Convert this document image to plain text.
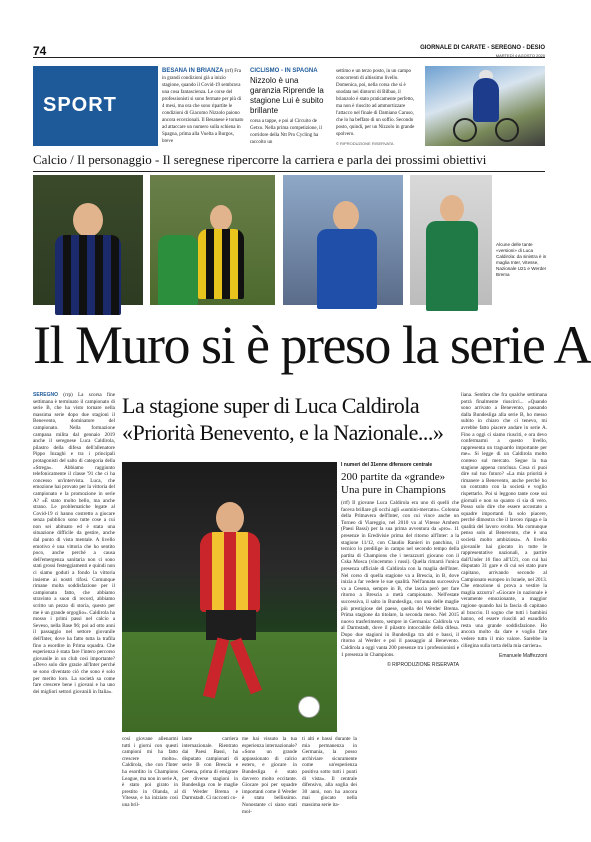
74	GIORNALE DI CARATE - SEREGNO - DESIO
MARTEDÌ 4 AGOSTO 2020
SPORT
BESANA IN BRIANZA (rrf) Fra in grandi condizioni già a inizio stagione, quando il Covid-19 sembrava una cosa fantascienza. Le corse del professionisti si sono fermate per più di 4 mesi, ma ora che sono ripartite le condizioni di Giacomo Nizzolo paiono ancora eccezionali. Il Besanese è tornato ad attaccare un numero sulla schiena in Spagna, prima alla Vuelta a Burgos, breve
CICLISMO - IN SPAGNA
Nizzolo è una garanzia Riprende la stagione Lui è subito brillante
corsa a tappe, e poi al Circuito de Getxo. Nella prima competizione, il corridore della Ntt Pro Cycling ha raccolto un
settimo e un terzo posto, in un campo concorrenti di altissimo livello. Domenica, poi, nella corsa che si è snodata nei dintorni di Bilbao, il brianzolo è stato praticamente perfetto, ma non è riuscito ad ammortizzare l'attacco nel finale di Damiano Caruso, che lo ha beffato di un soffio. Secondo posto, quindi, per un Nizzolo in grande spolvero.
© RIPRODUZIONE RISERVATA
Calcio / Il personaggio - Il seregnese ripercorre la carriera e parla dei prossimi obiettivi
Alcune delle tante «versioni» di Luca Caldirola: da sinistra è in maglia Inter, Vitesse, Nazionale U21 e Werder Brema
Il Muro si è preso la serie A
SEREGNO (rrp) La scorsa fine settimana è terminato il campionato di serie B, che ha visto tornare nella massima serie dopo due stagioni il Benevento, dominatore del campionato. Nella formazione campana milita dal gennaio 2019 anche il seregnese Luca Caldirola, pilastro della difesa dell'allenatore Pippo Inzaghi e tra i principali protagonisti del salto di categoria della «Strega». Abbiamo raggiunto telefonicamente il classe '91 che ci ha concesso un'intervista. Luca, che emozione hai provato per la vittoria del campionato e la promozione in serie A? «È stato molto bello, ma anche strano. Le problematiche legate al Covid-19 ci hanno costretto a giocare senza pubblico sono tutte cose a cui non sei abituato ed è stata una situazione difficile da gestire, anche dal punto di vista mentale. A livello emotivo è una vittoria che ho sentito poco, anche perché a causa dell'emergenza sanitaria non ci sono stati grossi festeggiamenti e quindi non ci siamo goduti a fondo la vittoria insieme ai nostri tifosi. Comunque rimane molta soddisfazione per il campionato fatto, che abbiamo stravinto a suon di record, abbiamo scritto un pezzo di storia, questo per me è un grande orgoglio». Caldirola ha mosso i primi passi nel calcio a Seveso, nella Base 96; poi ad otto anni il passaggio nel settore giovanile dell'Inter, dove ha fatto tutta la trafila fino a esordire in Prima squadra. Che esperienza è stata fare l'intero percorso giovanile in un club così importante? «Devo solo dire grazie all'Inter perché se sono diventato ciò che sono è solo per merito loro. La società sa come fare crescere bene i giovani e ha uno dei migliori settori giovanili in Italia».
La stagione super di Luca Caldirola
«Priorità Benevento, e la Nazionale...»
I numeri del 31enne difensore centrale
200 partite da «grande» Una pure in Champions
(rrf) Il giovane Luca Caldirola era uno di quelli che faceva brillare gli occhi agli «uomini-mercato». Colonna della Primavera dell'Inter, con cui vince anche un Torneo di Viareggio, nel 2010 va al Vitesse Arnhem (Paesi Bassi) per la sua prima avventura da «pro». 11 presenze in Eredivisie prima del ritorno all'Inter: a la stagione 11/12, con Claudio Ranieri in panchina, il tecnico lo predilige in campo nel secondo tempo della partita di Champions che i nerazzurri giocano con il Cska Mosca (vincemmo i russi). Quella rimarrà l'unica presenza ufficiale di Caldirola con la maglia dell'Inter. Nel corso di quella stagione va a Brescia, in B, dove inizia a far vedere le sue qualità. Nell'annata successiva va a Cesena, sempre in B, che lascia però per fare ritorno a Brescia a metà campionato. Nell'estate successiva, il salto in Bundesliga, con una delle maglie più prestigiose del paese, quella del Werder Brema. Prima stagione da titolare, la seconda meno. Nel 2015 nuovo trasferimento, sempre in Germania: Caldirola va al Darmstadt, dove il pilastro intoccabile della difesa. Dopo due stagioni in Bundesliga tra alti e bassi, il ritorno al Werder e poi il passaggio al Benevento. Caldirola a oggi vanta 200 presenze tra i professionisti e 1 presenza in Champions.
© RIPRODUZIONE RISERVATA
così giovane allenarmi tutti i giorni con questi campioni mi ha fatto crescere molto». Caldirola, che con l'Inter ha esordito in Champions League, ma non in serie A, è stato poi girato in prestito in Olanda, al Vitesse, e ha iniziato così una bril-
lante carriera internazionale. Rientrato dai Paesi Bassi, ha disputato campionati di serie B con Brescia e Cesena, prima di emigrare per diverse stagioni in Bundesliga con le maglie di Werder Brema e Darmstadt. Ci racconti co-
me hai vissuto la tua esperienza internazionale? «Sono un grande appassionato di calcio estero, e giocare in Bundesliga è stato davvero molto eccitante. Giocare poi per squadre importanti come il Werder è stato bellissimo. Nonostante ci siano stati mol-
ti alti e bassi durante la mia permanenza in Germania, la posso archiviare sicuramente come un'esperienza positiva sotto tutti i punti di vista». Il centrale difensivo, alla soglia dei 30 anni, non ha ancora mai giocato nella massima serie ita-
liana. Sembra che fra qualche settimana potrà finalmente riuscirci... «Quando sono arrivato a Benevento, passando dalla Bundesliga alla serie B, ho messo subito in chiaro che ci tenevo, mi avrebbe fatto piacere andare in serie A. Fino a oggi ci siamo riusciti, e ora devo confermarmi a questo livello, rappresenta un traguardo importante per me». Si legge di un Caldirola molto conteso sul mercato. Segue la tua stagione appena conclusa. Cosa ci puoi dire sul tuo futuro? «La mia priorità è rimanere a Benevento, anche perché ho un contratto con la società e voglio rispettarlo. Poi si leggono tante cose sui giornali e non so quanto ci sia di vero. Posso solo dire che essere accostato a squadre importanti fa solo piacere, perché dimostra che il lavoro ripaga e la qualità del lavoro svolto. Ma comunque penso solo al Benevento, che è una società molto ambiziosa». A livello giovanile hai giocato in tutte le rappresentative nazionali, a partire dall'Under 16 fino all'U21, con cui hai disputato 31 gare e di cui sei stato pure capitano, arrivando secondo al Campionato europeo in Israele, nel 2013. Che emozione si prova a vestire la maglia azzurra? «Giocare in nazionale è veramente emozionante, a maggior ragione quando hai la fascia di capitano al braccio. Il sogno che tutti i bambini hanno, ed essere riusciti ad esaudirlo resta una grande soddisfazione. Ho ancora molto da dare e voglio fare vedere tutto il mio valore. Sarebbe la ciliegina sulla torta della mia carriera».
Emanuele Maffezzoni
